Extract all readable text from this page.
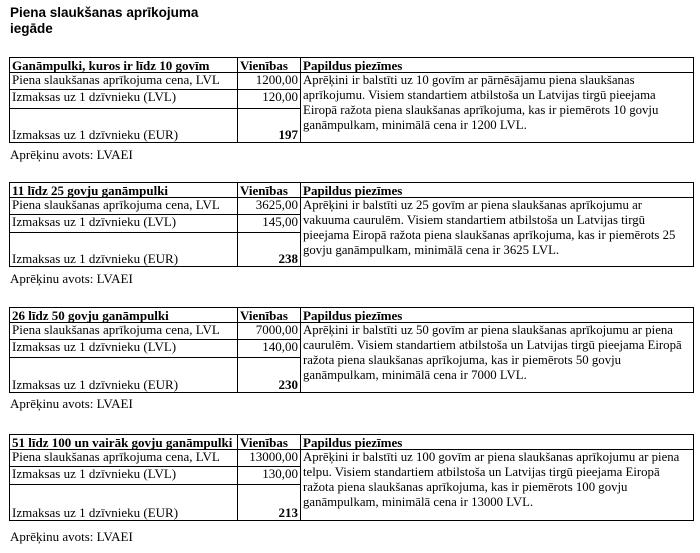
Piena slaukšanas aprīkojuma
iegāde
Ganāmpulki, kuros ir līdz 10 govīm	Vienības	Papildus piezīmes
Piena slaukšanas aprīkojuma cena, LVL	1200,00	Aprēķini ir balstīti uz 10 govīm ar pārnēsājamu piena slaukšanas aprīkojumu. Visiem standartiem atbilstoša un Latvijas tirgū pieejama Eiropā ražota piena slaukšanas aprīkojuma, kas ir piemērots 10 govju ganāmpulkam, minimālā cena ir 1200 LVL.
Izmaksas uz 1 dzīvnieku (LVL)	120,00	
Izmaksas uz 1 dzīvnieku (EUR)	197	
Aprēķinu avots: LVAEI
11 līdz 25 govju ganāmpulki	Vienības	Papildus piezīmes
Piena slaukšanas aprīkojuma cena, LVL	3625,00	Aprēķini ir balstīti uz 25 govīm ar piena slaukšanas aprīkojumu ar vakuuma caurulēm. Visiem standartiem atbilstoša un Latvijas tirgū pieejama Eiropā ražota piena slaukšanas aprīkojuma, kas ir piemērots 25 govju ganāmpulkam, minimālā cena ir 3625 LVL.
Izmaksas uz 1 dzīvnieku (LVL)	145,00	
Izmaksas uz 1 dzīvnieku (EUR)	238	
Aprēķinu avots: LVAEI
26 līdz 50 govju ganāmpulki	Vienības	Papildus piezīmes
Piena slaukšanas aprīkojuma cena, LVL	7000,00	Aprēķini ir balstīti uz 50 govīm ar piena slaukšanas aprīkojumu ar piena caurulēm. Visiem standartiem atbilstoša un Latvijas tirgū pieejama Eiropā ražota piena slaukšanas aprīkojuma, kas ir piemērots 50 govju ganāmpulkam, minimālā cena ir 7000 LVL.
Izmaksas uz 1 dzīvnieku (LVL)	140,00	
Izmaksas uz 1 dzīvnieku (EUR)	230	
Aprēķinu avots: LVAEI
51 līdz 100 un vairāk govju ganāmpulki	Vienības	Papildus piezīmes
Piena slaukšanas aprīkojuma cena, LVL	13000,00	Aprēķini ir balstīti uz 100 govīm ar piena slaukšanas aprīkojumu ar piena telpu. Visiem standartiem atbilstoša un Latvijas tirgū pieejama Eiropā ražota piena slaukšanas aprīkojuma, kas ir piemērots 100 govju ganāmpulkam, minimālā cena ir 13000 LVL.
Izmaksas uz 1 dzīvnieku (LVL)	130,00	
Izmaksas uz 1 dzīvnieku (EUR)	213	
Aprēķinu avots: LVAEI
